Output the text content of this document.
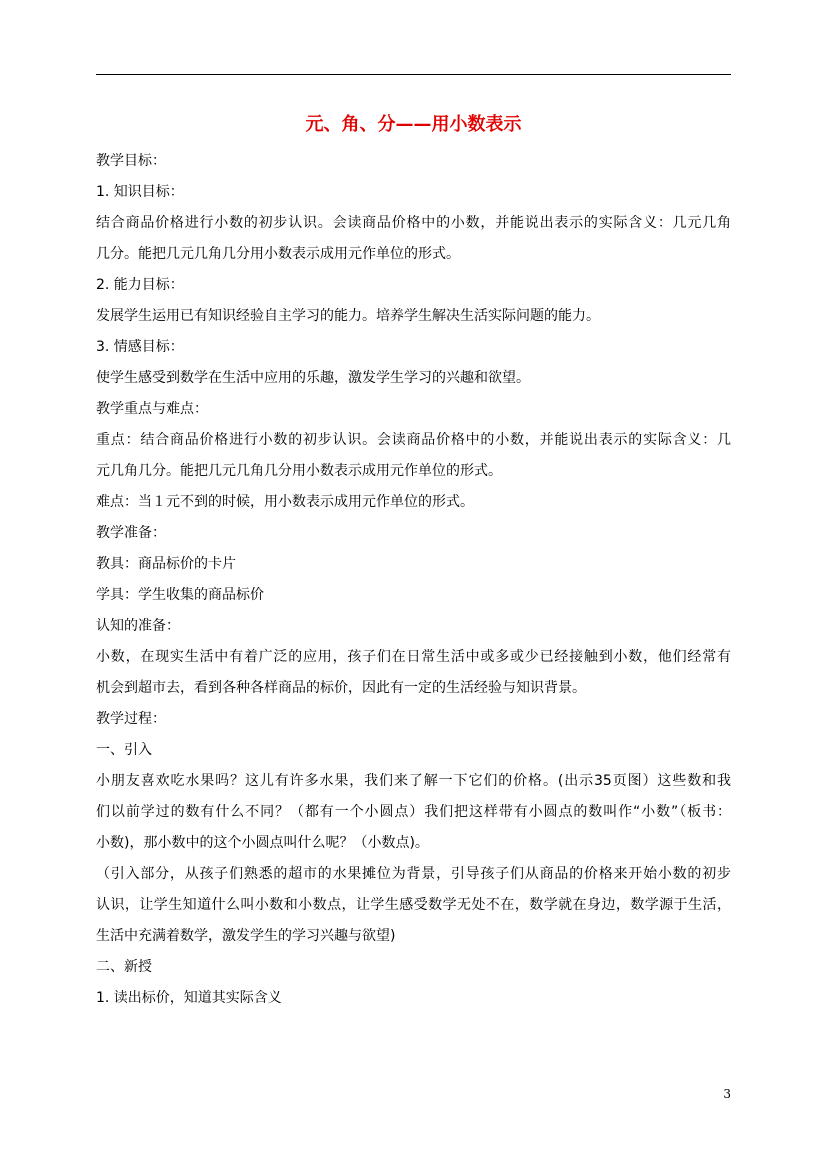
元、角、分——用小数表示
教学目标：
1. 知识目标：
结合商品价格进行小数的初步认识。会读商品价格中的小数，并能说出表示的实际含义：几元几角
几分。能把几元几角几分用小数表示成用元作单位的形式。
2. 能力目标：
发展学生运用已有知识经验自主学习的能力。培养学生解决生活实际问题的能力。
3. 情感目标：
使学生感受到数学在生活中应用的乐趣，激发学生学习的兴趣和欲望。
教学重点与难点：
重点：结合商品价格进行小数的初步认识。会读商品价格中的小数，并能说出表示的实际含义：几
元几角几分。能把几元几角几分用小数表示成用元作单位的形式。
难点：当１元不到的时候，用小数表示成用元作单位的形式。
教学准备：
教具：商品标价的卡片
学具：学生收集的商品标价
认知的准备：
小数，在现实生活中有着广泛的应用，孩子们在日常生活中或多或少已经接触到小数，他们经常有
机会到超市去，看到各种各样商品的标价，因此有一定的生活经验与知识背景。
教学过程：
一、引入
小朋友喜欢吃水果吗？这儿有许多水果，我们来了解一下它们的价格。(出示35页图）这些数和我
们以前学过的数有什么不同？（都有一个小圆点）我们把这样带有小圆点的数叫作“小数”（板书：
小数)，那小数中的这个小圆点叫什么呢？（小数点)。
（引入部分，从孩子们熟悉的超市的水果摊位为背景，引导孩子们从商品的价格来开始小数的初步
认识，让学生知道什么叫小数和小数点，让学生感受数学无处不在，数学就在身边，数学源于生活，
生活中充满着数学，激发学生的学习兴趣与欲望)
二、新授
1. 读出标价，知道其实际含义
3
